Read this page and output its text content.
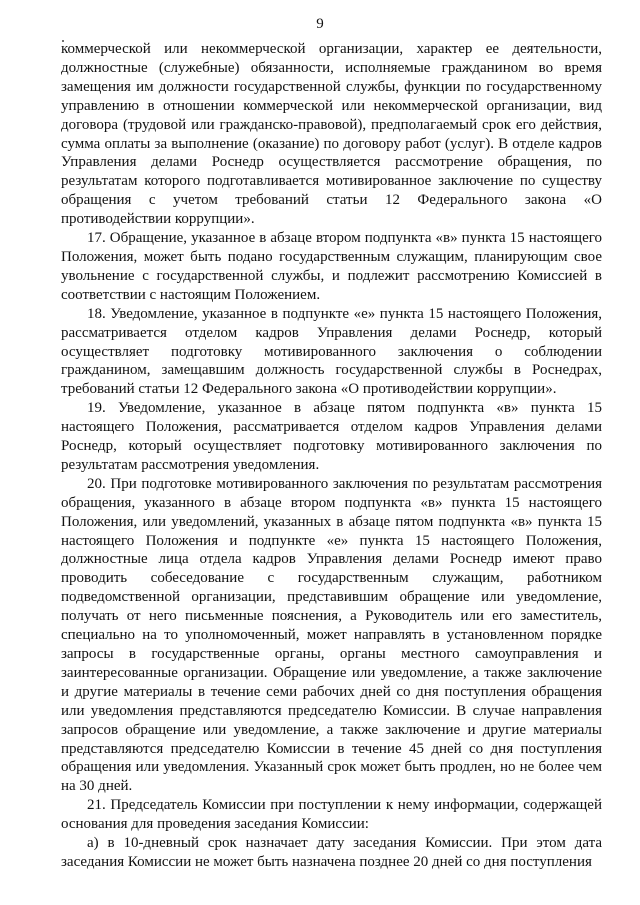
9

коммерческой или некоммерческой организации, характер ее деятельности, должностные (служебные) обязанности, исполняемые гражданином во время замещения им должности государственной службы, функции по государственному управлению в отношении коммерческой или некоммерческой организации, вид договора (трудовой или гражданско-правовой), предполагаемый срок его действия, сумма оплаты за выполнение (оказание) по договору работ (услуг). В отделе кадров Управления делами Роснедр осуществляется рассмотрение обращения, по результатам которого подготавливается мотивированное заключение по существу обращения с учетом требований статьи 12 Федерального закона «О противодействии коррупции».

17. Обращение, указанное в абзаце втором подпункта «в» пункта 15 настоящего Положения, может быть подано государственным служащим, планирующим свое увольнение с государственной службы, и подлежит рассмотрению Комиссией в соответствии с настоящим Положением.

18. Уведомление, указанное в подпункте «е» пункта 15 настоящего Положения, рассматривается отделом кадров Управления делами Роснедр, который осуществляет подготовку мотивированного заключения о соблюдении гражданином, замещавшим должность государственной службы в Роснедрах, требований статьи 12 Федерального закона «О противодействии коррупции».

19. Уведомление, указанное в абзаце пятом подпункта «в» пункта 15 настоящего Положения, рассматривается отделом кадров Управления делами Роснедр, который осуществляет подготовку мотивированного заключения по результатам рассмотрения уведомления.

20. При подготовке мотивированного заключения по результатам рассмотрения обращения, указанного в абзаце втором подпункта «в» пункта 15 настоящего Положения, или уведомлений, указанных в абзаце пятом подпункта «в» пункта 15 настоящего Положения и подпункте «е» пункта 15 настоящего Положения, должностные лица отдела кадров Управления делами Роснедр имеют право проводить собеседование с государственным служащим, работником подведомственной организации, представившим обращение или уведомление, получать от него письменные пояснения, а Руководитель или его заместитель, специально на то уполномоченный, может направлять в установленном порядке запросы в государственные органы, органы местного самоуправления и заинтересованные организации. Обращение или уведомление, а также заключение и другие материалы в течение семи рабочих дней со дня поступления обращения или уведомления представляются председателю Комиссии. В случае направления запросов обращение или уведомление, а также заключение и другие материалы представляются председателю Комиссии в течение 45 дней со дня поступления обращения или уведомления. Указанный срок может быть продлен, но не более чем на 30 дней.

21. Председатель Комиссии при поступлении к нему информации, содержащей основания для проведения заседания Комиссии:

а) в 10-дневный срок назначает дату заседания Комиссии. При этом дата заседания Комиссии не может быть назначена позднее 20 дней со дня поступления
